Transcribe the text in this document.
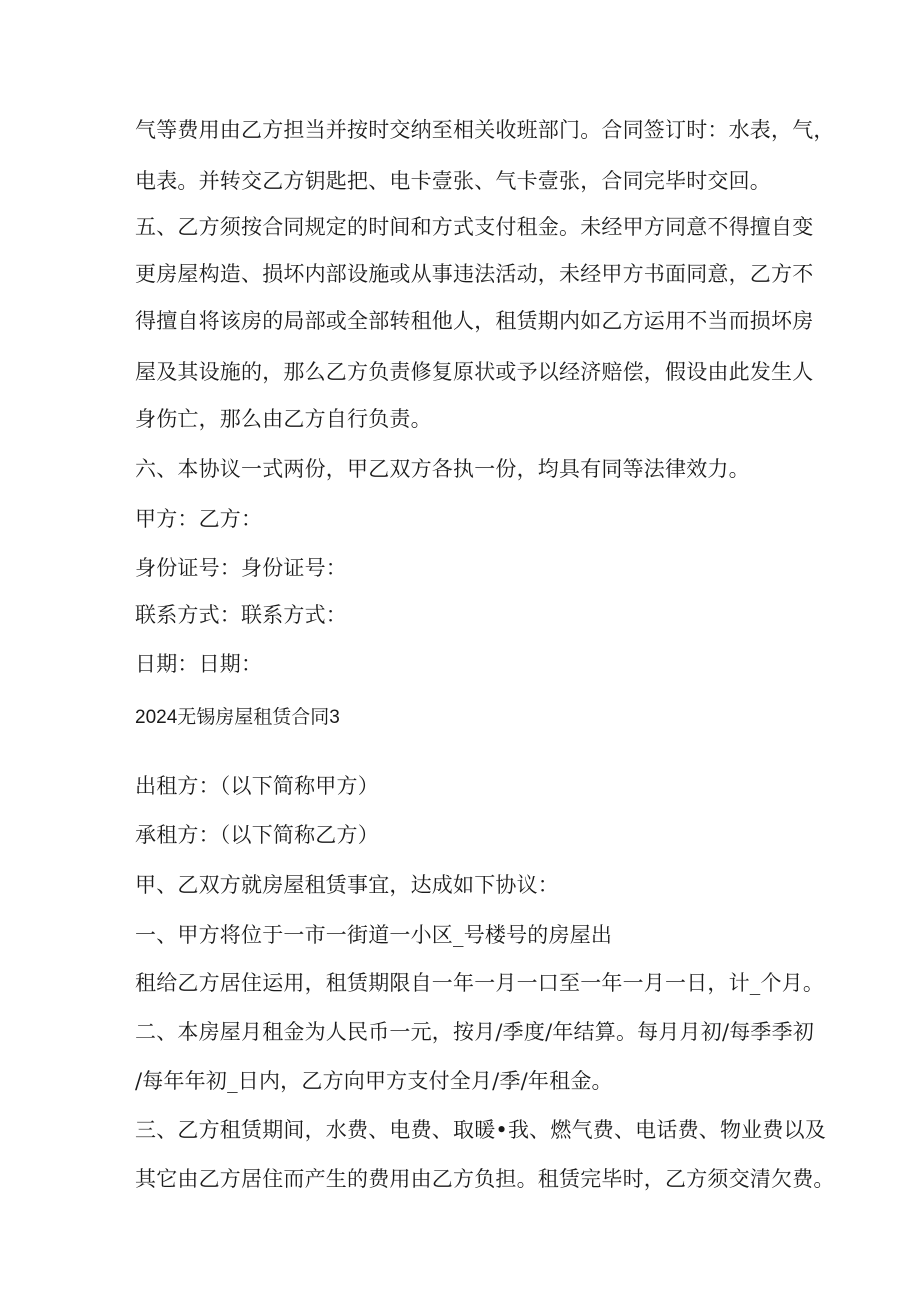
气等费用由乙方担当并按时交纳至相关收班部门。合同签订时：水表，气，
电表。并转交乙方钥匙把、电卡壹张、气卡壹张，合同完毕时交回。
五、乙方须按合同规定的时间和方式支付租金。未经甲方同意不得擅自变
更房屋构造、损坏内部设施或从事违法活动，未经甲方书面同意，乙方不
得擅自将该房的局部或全部转租他人，租赁期内如乙方运用不当而损坏房
屋及其设施的，那么乙方负责修复原状或予以经济赔偿，假设由此发生人
身伤亡，那么由乙方自行负责。
六、本协议一式两份，甲乙双方各执一份，均具有同等法律效力。
甲方：乙方：
身份证号：身份证号：
联系方式：联系方式：
日期：日期：
2024无锡房屋租赁合同3
出租方：（以下简称甲方）
承租方：（以下简称乙方）
甲、乙双方就房屋租赁事宜，达成如下协议：
一、甲方将位于一市一街道一小区_号楼号的房屋出
租给乙方居住运用，租赁期限自一年一月一口至一年一月一日，计_个月。
二、本房屋月租金为人民币一元，按月/季度/年结算。每月月初/每季季初
/每年年初_日内，乙方向甲方支付全月/季/年租金。
三、乙方租赁期间，水费、电费、取暖•我、燃气费、电话费、物业费以及
其它由乙方居住而产生的费用由乙方负担。租赁完毕时，乙方须交清欠费。
